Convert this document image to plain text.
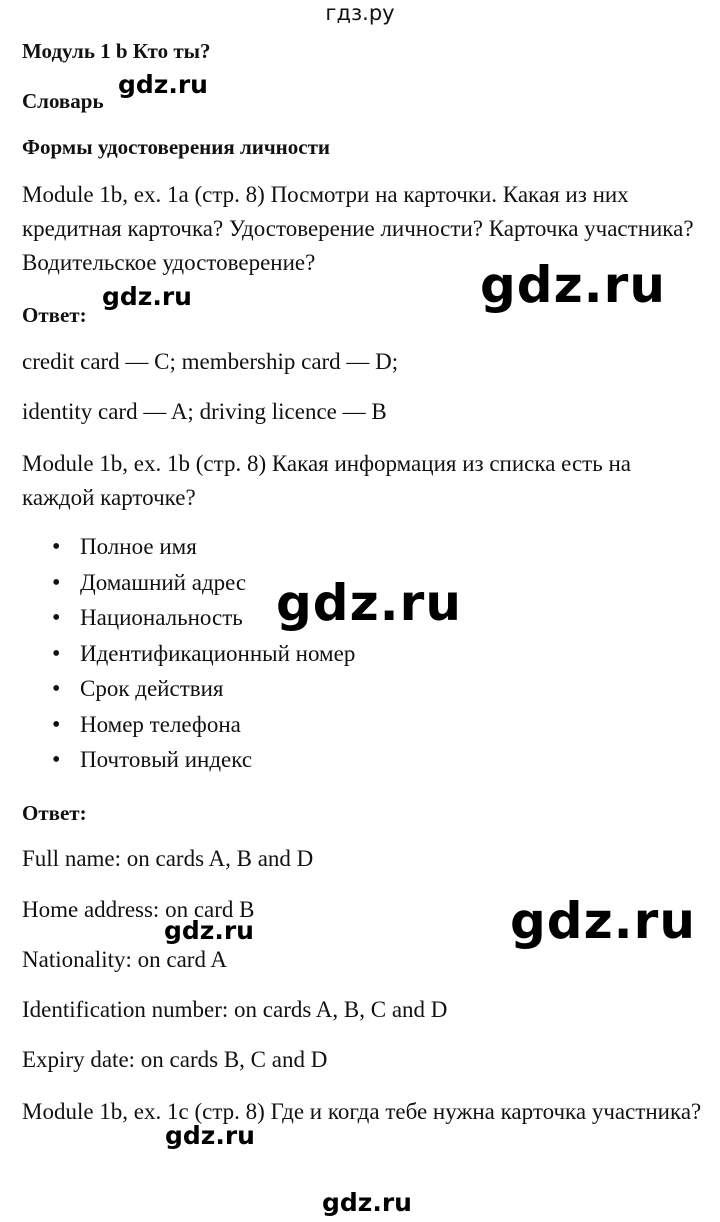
гдз.ру
Модуль 1 b Кто ты?
Словарь
Формы удостоверения личности
Module 1b, ex. 1a (стр. 8) Посмотри на карточки. Какая из них кредитная карточка? Удостоверение личности? Карточка участника? Водительское удостоверение?
Ответ:
credit card — C; membership card — D;
identity card — A; driving licence — B
Module 1b, ex. 1b (стр. 8) Какая информация из списка есть на каждой карточке?
• Полное имя
• Домашний адрес
• Национальность
• Идентификационный номер
• Срок действия
• Номер телефона
• Почтовый индекс
Ответ:
Full name: on cards A, B and D
Home address: on card B
Nationality: on card A
Identification number: on cards A, B, C and D
Expiry date: on cards B, C and D
Module 1b, ex. 1c (стр. 8) Где и когда тебе нужна карточка участника?
gdz.ru
gdz.ru
gdz.ru
gdz.ru
gdz.ru
gdz.ru
gdz.ru
gdz.ru
